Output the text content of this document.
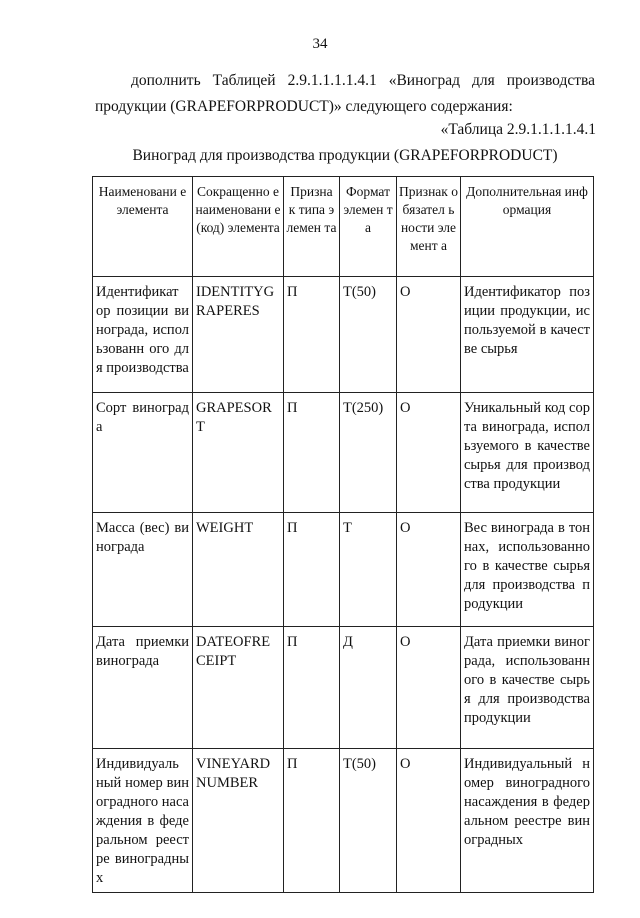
34
дополнить Таблицей 2.9.1.1.1.1.4.1 «Виноград для производства
продукции (GRAPEFORPRODUCT)» следующего содержания:
«Таблица 2.9.1.1.1.1.4.1
Виноград для производства продукции (GRAPEFORPRODUCT)
Наименовани е элемента	Сокращенно е наименовани е (код) элемента	Призна к типа элемен та	Формат элемен та	Признак обязател ьности элемент а	Дополнительная информация
Идентификат ор позиции винограда, использованн ого для производства	IDENTITYG RAPERES	П	T(50)	О	Идентификатор позиции продукции, используемой в качестве сырья
Сорт винограда	GRAPESOR T	П	T(250)	О	Уникальный код сорта винограда, используемого в качестве сырья для производства продукции
Масса (вес) винограда	WEIGHT	П	T	О	Вес винограда в тоннах, использованного в качестве сырья для производства продукции
Дата приемки винограда	DATEOFRE CEIPT	П	Д	О	Дата приемки винограда, использованного в качестве сырья для производства продукции
Индивидуаль ный номер виноградного насаждения в федеральном реестре виноградных	VINEYARD NUMBER	П	T(50)	О	Индивидуальный номер виноградного насаждения в федеральном реестре виноградных
